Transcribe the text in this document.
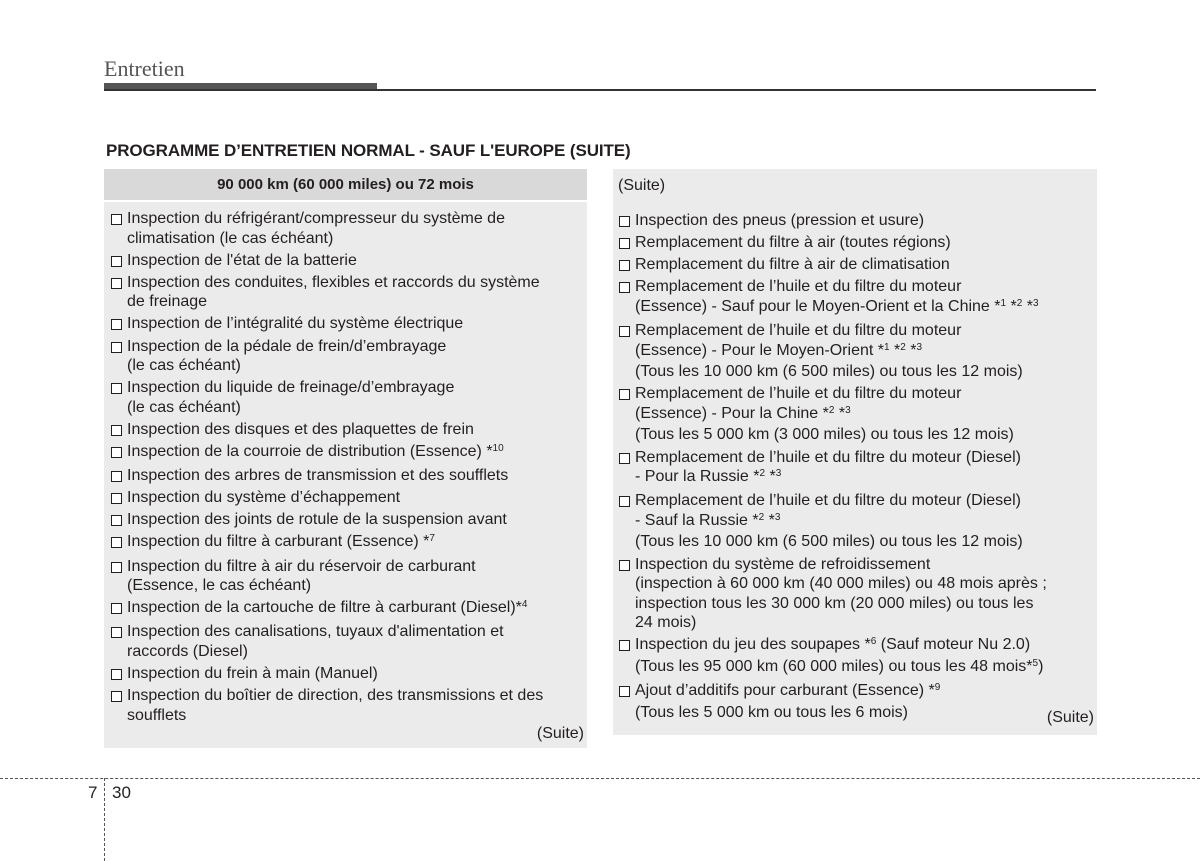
Entretien
PROGRAMME D’ENTRETIEN NORMAL - SAUF L'EUROPE (SUITE)
90 000 km (60 000 miles) ou 72 mois
Inspection du réfrigérant/compresseur du système de
climatisation (le cas échéant)
Inspection de l'état de la batterie
Inspection des conduites, flexibles et raccords du système
de freinage
Inspection de l’intégralité du système électrique
Inspection de la pédale de frein/d’embrayage
(le cas échéant)
Inspection du liquide de freinage/d’embrayage
(le cas échéant)
Inspection des disques et des plaquettes de frein
Inspection de la courroie de distribution (Essence) *$^{10}$
Inspection des arbres de transmission et des soufflets
Inspection du système d’échappement
Inspection des joints de rotule de la suspension avant
Inspection du filtre à carburant (Essence) *$^7$
Inspection du filtre à air du réservoir de carburant
(Essence, le cas échéant)
Inspection de la cartouche de filtre à carburant (Diesel)*$^4$
Inspection des canalisations, tuyaux d'alimentation et
raccords (Diesel)
Inspection du frein à main (Manuel)
Inspection du boîtier de direction, des transmissions et des
soufflets
(Suite)
(Suite)
Inspection des pneus (pression et usure)
Remplacement du filtre à air (toutes régions)
Remplacement du filtre à air de climatisation
Remplacement de l’huile et du filtre du moteur
(Essence) - Sauf pour le Moyen-Orient et la Chine *$^1$ *$^2$ *$^3$
Remplacement de l’huile et du filtre du moteur
(Essence) - Pour le Moyen-Orient *$^1$ *$^2$ *$^3$
(Tous les 10 000 km (6 500 miles) ou tous les 12 mois)
Remplacement de l’huile et du filtre du moteur
(Essence) - Pour la Chine *$^2$ *$^3$
(Tous les 5 000 km (3 000 miles) ou tous les 12 mois)
Remplacement de l’huile et du filtre du moteur (Diesel)
- Pour la Russie *$^2$ *$^3$
Remplacement de l’huile et du filtre du moteur (Diesel)
- Sauf la Russie *$^2$ *$^3$
(Tous les 10 000 km (6 500 miles) ou tous les 12 mois)
Inspection du système de refroidissement
(inspection à 60 000 km (40 000 miles) ou 48 mois après ;
inspection tous les 30 000 km (20 000 miles) ou tous les
24 mois)
Inspection du jeu des soupapes *$^6$ (Sauf moteur Nu 2.0)
(Tous les 95 000 km (60 000 miles) ou tous les 48 mois*$^5$)
Ajout d’additifs pour carburant (Essence) *$^9$
(Tous les 5 000 km ou tous les 6 mois)	(Suite)
7 30
